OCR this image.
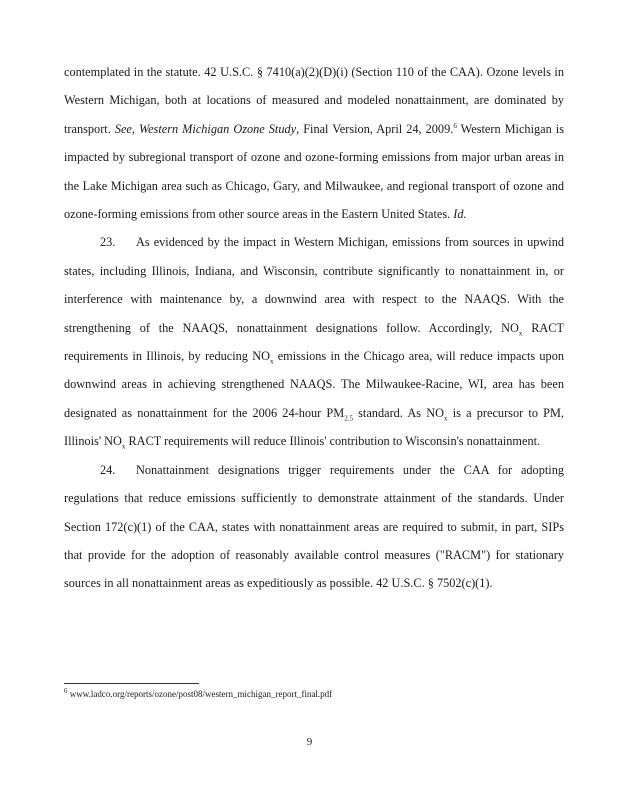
contemplated in the statute. 42 U.S.C. § 7410(a)(2)(D)(i) (Section 110 of the CAA). Ozone levels in Western Michigan, both at locations of measured and modeled nonattainment, are dominated by transport. See, Western Michigan Ozone Study, Final Version, April 24, 2009.$^6$ Western Michigan is impacted by subregional transport of ozone and ozone-forming emissions from major urban areas in the Lake Michigan area such as Chicago, Gary, and Milwaukee, and regional transport of ozone and ozone-forming emissions from other source areas in the Eastern United States. Id.

23. As evidenced by the impact in Western Michigan, emissions from sources in upwind states, including Illinois, Indiana, and Wisconsin, contribute significantly to nonattainment in, or interference with maintenance by, a downwind area with respect to the NAAQS. With the strengthening of the NAAQS, nonattainment designations follow. Accordingly, $NO_x$ RACT requirements in Illinois, by reducing $NO_x$ emissions in the Chicago area, will reduce impacts upon downwind areas in achieving strengthened NAAQS. The Milwaukee-Racine, WI, area has been designated as nonattainment for the 2006 24-hour $PM_{2.5}$ standard. As $NO_x$ is a precursor to PM, Illinois' $NO_x$ RACT requirements will reduce Illinois' contribution to Wisconsin's nonattainment.

24. Nonattainment designations trigger requirements under the CAA for adopting regulations that reduce emissions sufficiently to demonstrate attainment of the standards. Under Section 172(c)(1) of the CAA, states with nonattainment areas are required to submit, in part, SIPs that provide for the adoption of reasonably available control measures ("RACM") for stationary sources in all nonattainment areas as expeditiously as possible. 42 U.S.C. § 7502(c)(1).

$^6$ www.ladco.org/reports/ozone/post08/western_michigan_report_final.pdf
9
